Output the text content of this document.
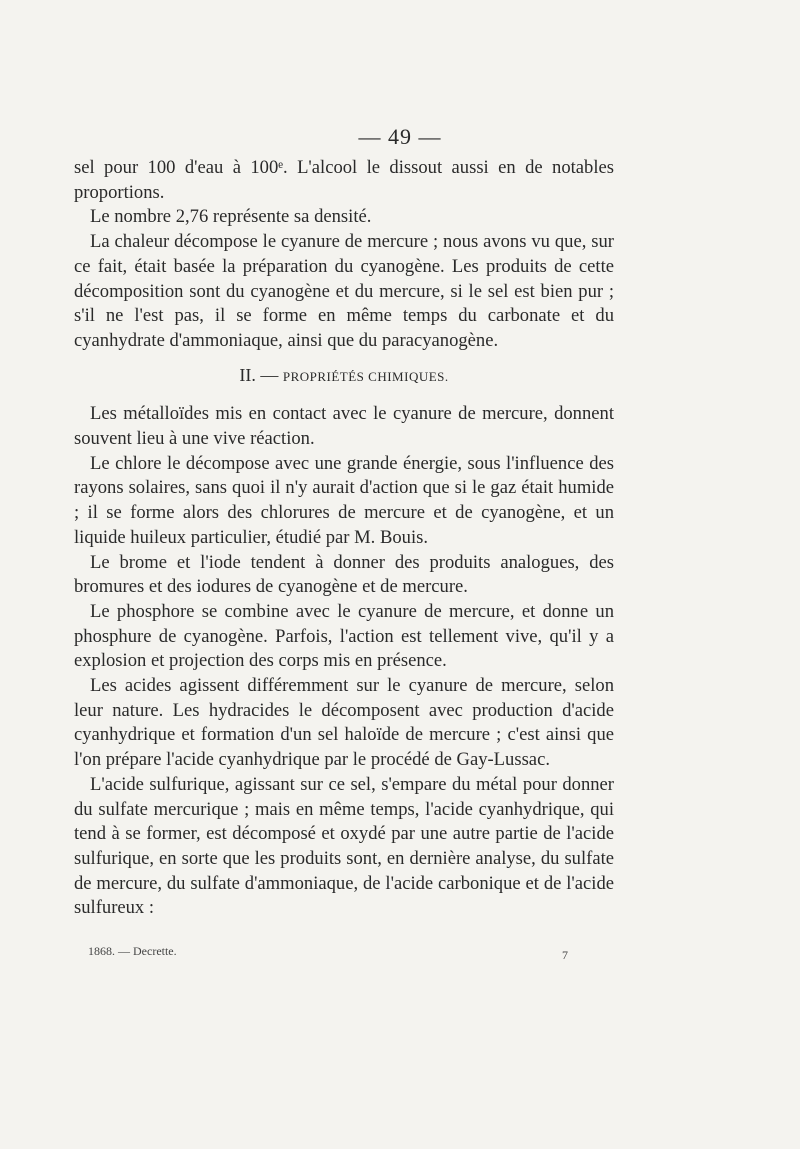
— 49 —

sel pour 100 d'eau à 100ᵉ. L'alcool le dissout aussi en de notables proportions.

Le nombre 2,76 représente sa densité.

La chaleur décompose le cyanure de mercure ; nous avons vu que, sur ce fait, était basée la préparation du cyanogène. Les produits de cette décomposition sont du cyanogène et du mercure, si le sel est bien pur ; s'il ne l'est pas, il se forme en même temps du carbonate et du cyanhydrate d'ammoniaque, ainsi que du paracyanogène.

II. — PROPRIÉTÉS CHIMIQUES.

Les métalloïdes mis en contact avec le cyanure de mercure, donnent souvent lieu à une vive réaction.

Le chlore le décompose avec une grande énergie, sous l'influence des rayons solaires, sans quoi il n'y aurait d'action que si le gaz était humide ; il se forme alors des chlorures de mercure et de cyanogène, et un liquide huileux particulier, étudié par M. Bouis.

Le brome et l'iode tendent à donner des produits analogues, des bromures et des iodures de cyanogène et de mercure.

Le phosphore se combine avec le cyanure de mercure, et donne un phosphure de cyanogène. Parfois, l'action est tellement vive, qu'il y a explosion et projection des corps mis en présence.

Les acides agissent différemment sur le cyanure de mercure, selon leur nature. Les hydracides le décomposent avec production d'acide cyanhydrique et formation d'un sel haloïde de mercure ; c'est ainsi que l'on prépare l'acide cyanhydrique par le procédé de Gay-Lussac.

L'acide sulfurique, agissant sur ce sel, s'empare du métal pour donner du sulfate mercurique ; mais en même temps, l'acide cyanhydrique, qui tend à se former, est décomposé et oxydé par une autre partie de l'acide sulfurique, en sorte que les produits sont, en dernière analyse, du sulfate de mercure, du sulfate d'ammoniaque, de l'acide carbonique et de l'acide sulfureux :

1868. — Decrette.	7
